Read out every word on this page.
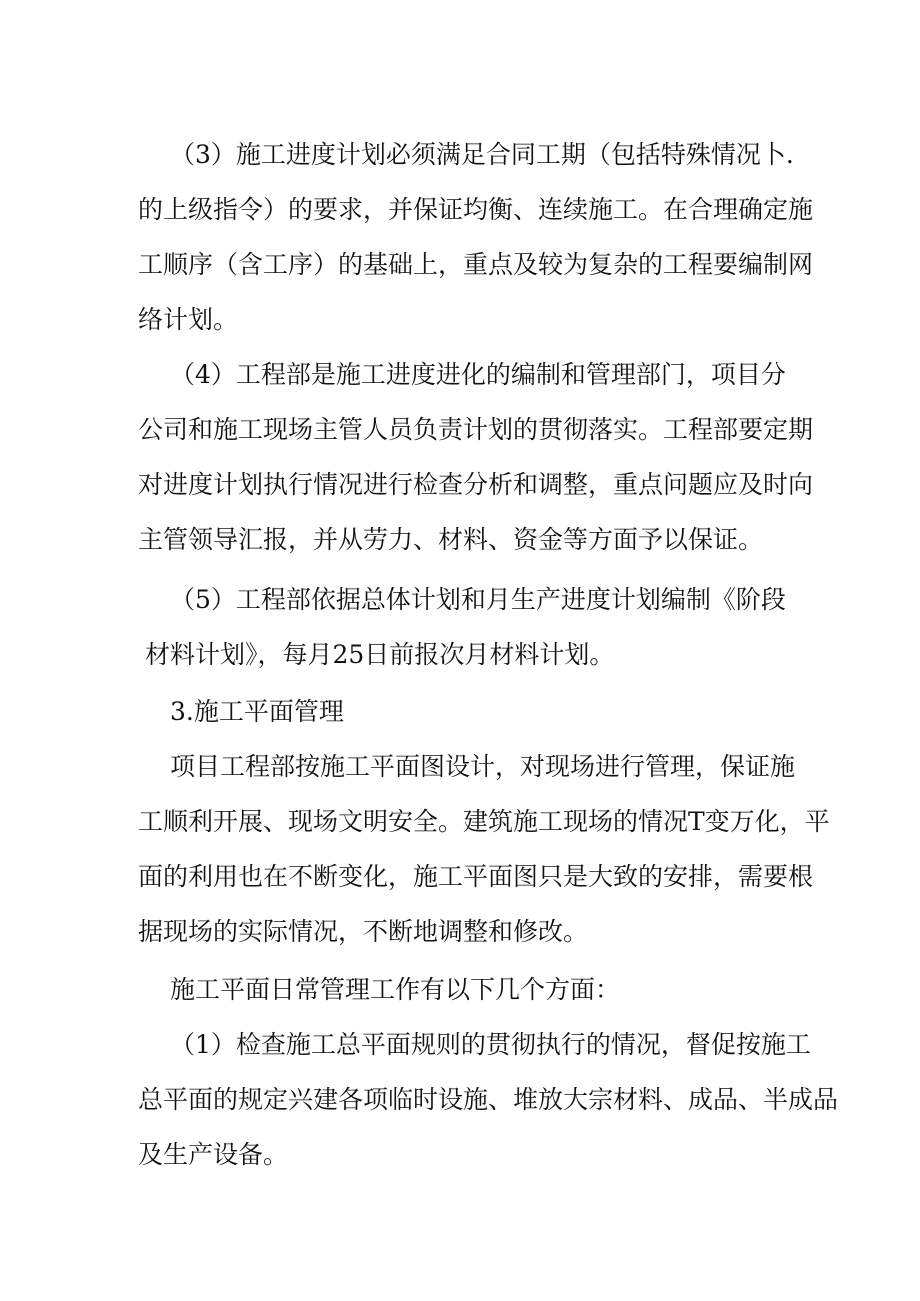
（3）施工进度计划必须满足合同工期（包括特殊情况卜.
的上级指令）的要求，并保证均衡、连续施工。在合理确定施
工顺序（含工序）的基础上，重点及较为复杂的工程要编制网
络计划。
（4）工程部是施工进度进化的编制和管理部门，项目分
公司和施工现场主管人员负责计划的贯彻落实。工程部要定期
对进度计划执行情况进行检查分析和调整，重点问题应及时向
主管领导汇报，并从劳力、材料、资金等方面予以保证。
（5）工程部依据总体计划和月生产进度计划编制《阶段
材料计划》，每月25日前报次月材料计划。
3.施工平面管理
项目工程部按施工平面图设计，对现场进行管理，保证施
工顺利开展、现场文明安全。建筑施工现场的情况T变万化，平
面的利用也在不断变化，施工平面图只是大致的安排，需要根
据现场的实际情况，不断地调整和修改。
施工平面日常管理工作有以下几个方面：
（1）检查施工总平面规则的贯彻执行的情况，督促按施工
总平面的规定兴建各项临时设施、堆放大宗材料、成品、半成品
及生产设备。
